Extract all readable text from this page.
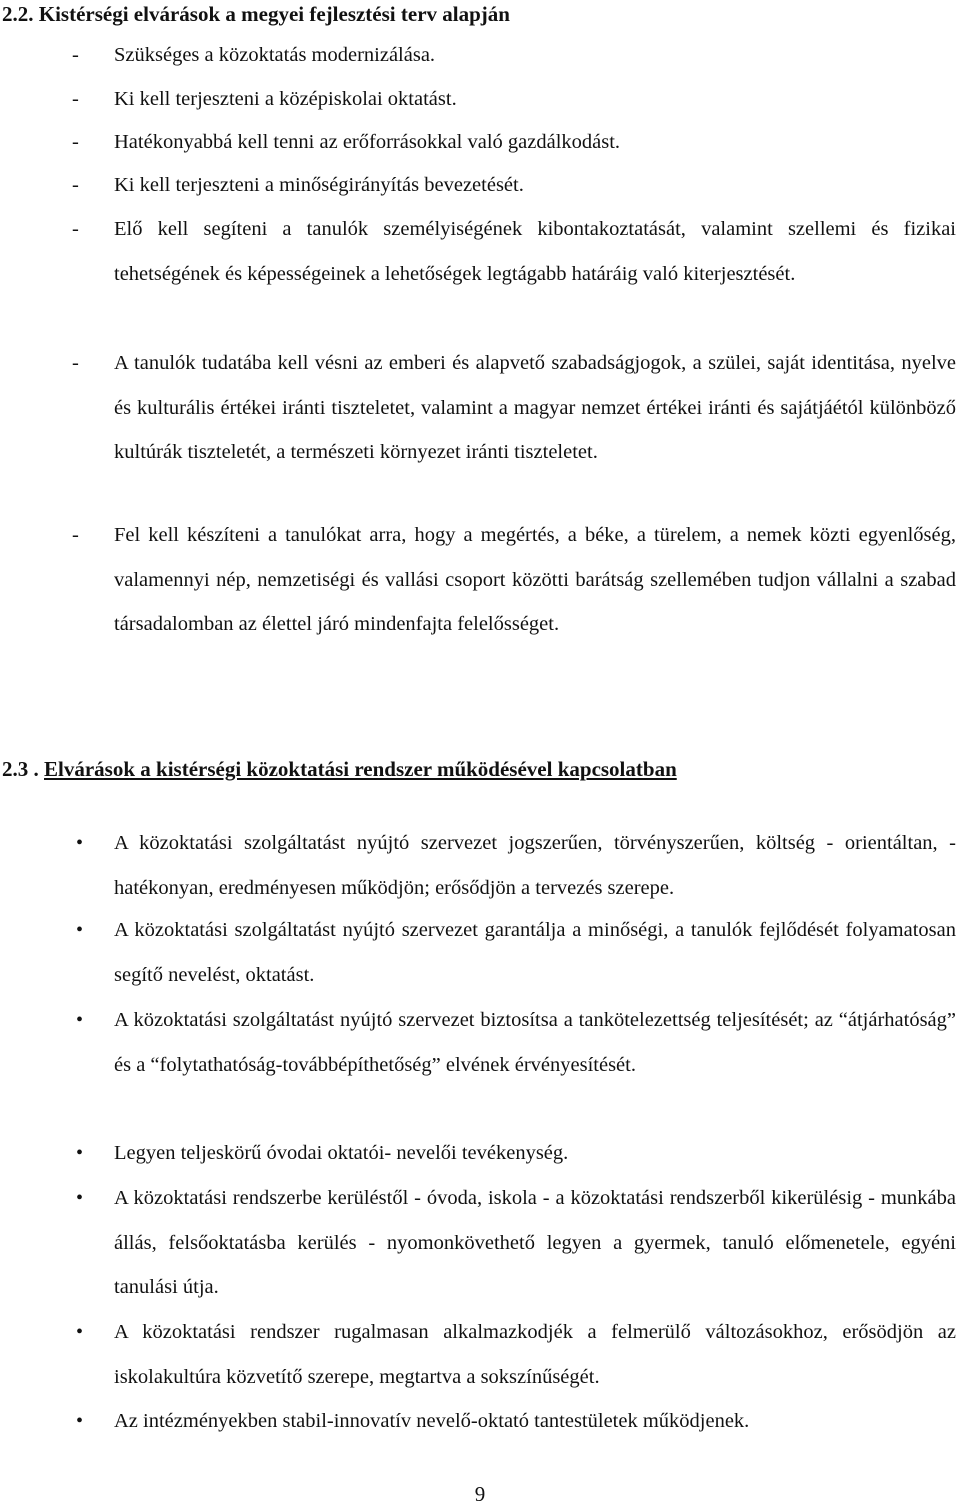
2.2. Kistérségi elvárások a megyei fejlesztési terv alapján
- Szükséges a közoktatás modernizálása.
- Ki kell terjeszteni a középiskolai oktatást.
- Hatékonyabbá kell tenni az erőforrásokkal való gazdálkodást.
- Ki kell terjeszteni a minőségirányítás bevezetését.
- Elő kell segíteni a tanulók személyiségének kibontakoztatását, valamint szellemi és fizikai tehetségének és képességeinek a lehetőségek legtágabb határáig való kiterjesztését.
- A tanulók tudatába kell vésni az emberi és alapvető szabadságjogok, a szülei, saját identitása, nyelve és kulturális értékei iránti tiszteletet, valamint a magyar nemzet értékei iránti és sajátjáétól különböző kultúrák tiszteletét, a természeti környezet iránti tiszteletet.
- Fel kell készíteni a tanulókat arra, hogy a megértés, a béke, a türelem, a nemek közti egyenlőség, valamennyi nép, nemzetiségi és vallási csoport közötti barátság szellemében tudjon vállalni a szabad társadalomban az élettel járó mindenfajta felelősséget.
2.3 . Elvárások a kistérségi közoktatási rendszer működésével kapcsolatban
• A közoktatási szolgáltatást nyújtó szervezet jogszerűen, törvényszerűen, költség - orientáltan, -hatékonyan, eredményesen működjön; erősődjön a tervezés szerepe.
• A közoktatási szolgáltatást nyújtó szervezet garantálja a minőségi, a tanulók fejlődését folyamatosan segítő nevelést, oktatást.
• A közoktatási szolgáltatást nyújtó szervezet biztosítsa a tankötelezettség teljesítését; az “átjárhatóság” és a “folytathatóság-továbbépíthetőség” elvének érvényesítését.
• Legyen teljeskörű óvodai oktatói- nevelői tevékenység.
• A közoktatási rendszerbe kerüléstől - óvoda, iskola - a közoktatási rendszerből kikerülésig - munkába állás, felsőoktatásba kerülés - nyomonkövethető legyen a gyermek, tanuló előmenetele, egyéni tanulási útja.
• A közoktatási rendszer rugalmasan alkalmazkodjék a felmerülő változásokhoz, erősödjön az iskolakultúra közvetítő szerepe, megtartva a sokszínűségét.
• Az intézményekben stabil-innovatív nevelő-oktató tantestületek működjenek.
9
